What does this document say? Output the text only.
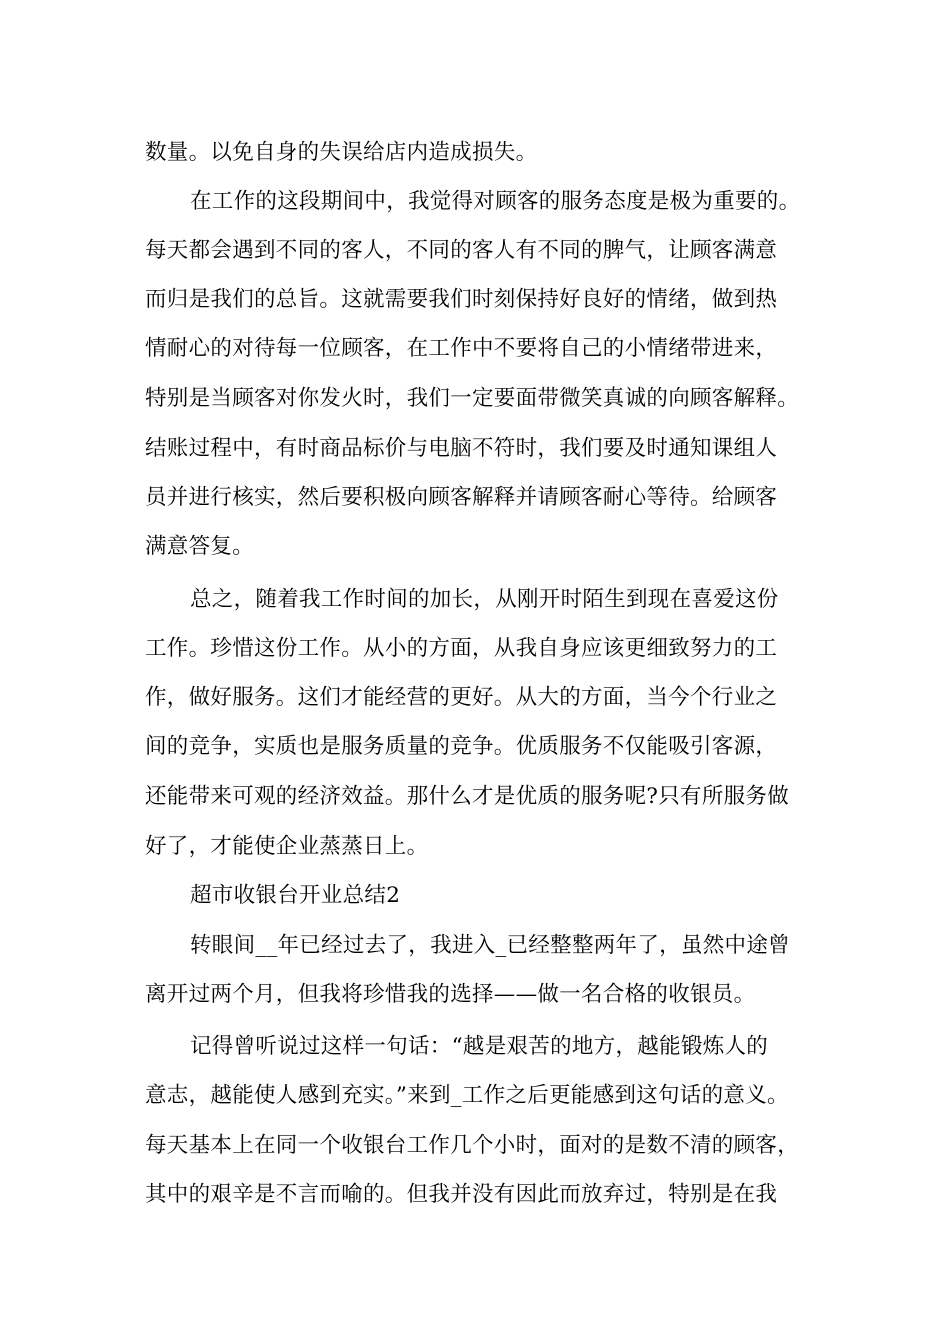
数量。以免自身的失误给店内造成损失。
在工作的这段期间中，我觉得对顾客的服务态度是极为重要的。
每天都会遇到不同的客人，不同的客人有不同的脾气，让顾客满意
而归是我们的总旨。这就需要我们时刻保持好良好的情绪，做到热
情耐心的对待每一位顾客，在工作中不要将自己的小情绪带进来，
特别是当顾客对你发火时，我们一定要面带微笑真诚的向顾客解释。
结账过程中，有时商品标价与电脑不符时，我们要及时通知课组人
员并进行核实，然后要积极向顾客解释并请顾客耐心等待。给顾客
满意答复。
总之，随着我工作时间的加长，从刚开时陌生到现在喜爱这份
工作。珍惜这份工作。从小的方面，从我自身应该更细致努力的工
作，做好服务。这们才能经营的更好。从大的方面，当今个行业之
间的竞争，实质也是服务质量的竞争。优质服务不仅能吸引客源，
还能带来可观的经济效益。那什么才是优质的服务呢?只有所服务做
好了，才能使企业蒸蒸日上。
超市收银台开业总结2
转眼间__年已经过去了，我进入_已经整整两年了，虽然中途曾
离开过两个月，但我将珍惜我的选择——做一名合格的收银员。
记得曾听说过这样一句话：“越是艰苦的地方，越能锻炼人的
意志，越能使人感到充实。”来到_工作之后更能感到这句话的意义。
每天基本上在同一个收银台工作几个小时，面对的是数不清的顾客，
其中的艰辛是不言而喻的。但我并没有因此而放弃过，特别是在我
